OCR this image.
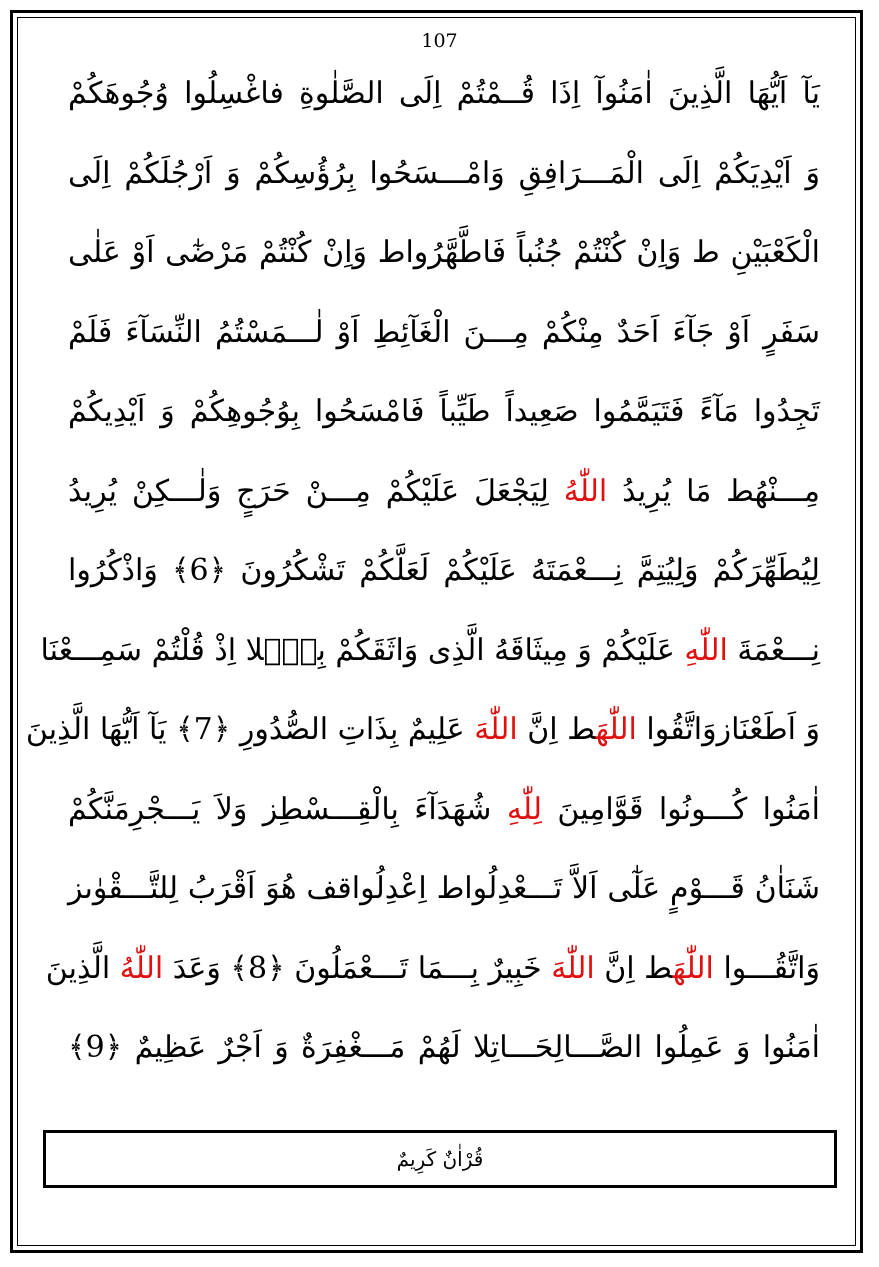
107
يَآ اَيُّهَا الَّذِينَ اٰمَنُوآ اِذَا قُــمْتُمْ اِلَى الصَّلٰوةِ فاغْسِلُوا وُجُوهَكُمْ
وَ اَيْدِيَكُمْ اِلَى الْمَـــرَافِقِ وَامْـــسَحُوا بِرُؤُسِكُمْ وَ اَرْجُلَكُمْ اِلَى
الْكَعْبَيْنِ ط وَاِنْ كُنْتُمْ جُنُباً فَاطَّهَّرُواط وَاِنْ كُنْتُمْ مَرْضٰٓى اَوْ عَلٰى
سَفَرٍ اَوْ جَآءَ اَحَدٌ مِنْكُمْ مِـــنَ الْغَآئِطِ اَوْ لٰـــمَسْتُمُ النِّسَآءَ فَلَمْ
تَجِدُوا مَآءً فَتَيَمَّمُوا صَعِيداً طَيِّباً فَامْسَحُوا بِوُجُوهِكُمْ وَ اَيْدِيكُمْ
مِـــنْهُط مَا يُرِيدُ اللّٰهُ لِيَجْعَلَ عَلَيْكُمْ مِـــنْ حَرَجٍ وَلٰـــكِنْ يُرِيدُ
لِيُطَهِّرَكُمْ وَلِيُتِمَّ نِـــعْمَتَهُ عَلَيْكُمْ لَعَلَّكُمْ تَشْكُرُونَ ﴿6﴾ وَاذْكُرُوا
نِـــعْمَةَ اللّٰهِ عَلَيْكُمْ وَ مِيثَاقَهُ الَّذِى وَاثَقَكُمْ بِهٖٓلا اِذْ قُلْتُمْ سَمِـــعْنَا
وَ اَطَعْنَازوَاتَّقُوا اللّٰهَط اِنَّ اللّٰهَ عَلِيمٌ بِذَاتِ الصُّدُورِ ﴿7﴾ يَآ اَيُّهَا الَّذِينَ
اٰمَنُوا كُـــونُوا قَوَّامِينَ لِلّٰهِ شُهَدَآءَ بِالْقِـــسْطِز وَلاَ يَـــجْرِمَنَّكُمْ
شَنَاٰنُ قَـــوْمٍ عَلٰٓى اَلاَّ تَـــعْدِلُواط اِعْدِلُواقف هُوَ اَقْرَبُ لِلتَّـــقْوٰىز
وَاتَّقُـــوا اللّٰهَط اِنَّ اللّٰهَ خَبِيرٌ بِـــمَا تَـــعْمَلُونَ ﴿8﴾ وَعَدَ اللّٰهُ الَّذِينَ
اٰمَنُوا وَ عَمِلُوا الصَّـــالِحَـــاتِلا لَهُمْ مَـــغْفِرَةٌ وَ اَجْرٌ عَظِيمٌ ﴿9﴾
قُرْاٰنٌ كَرِيمٌ
